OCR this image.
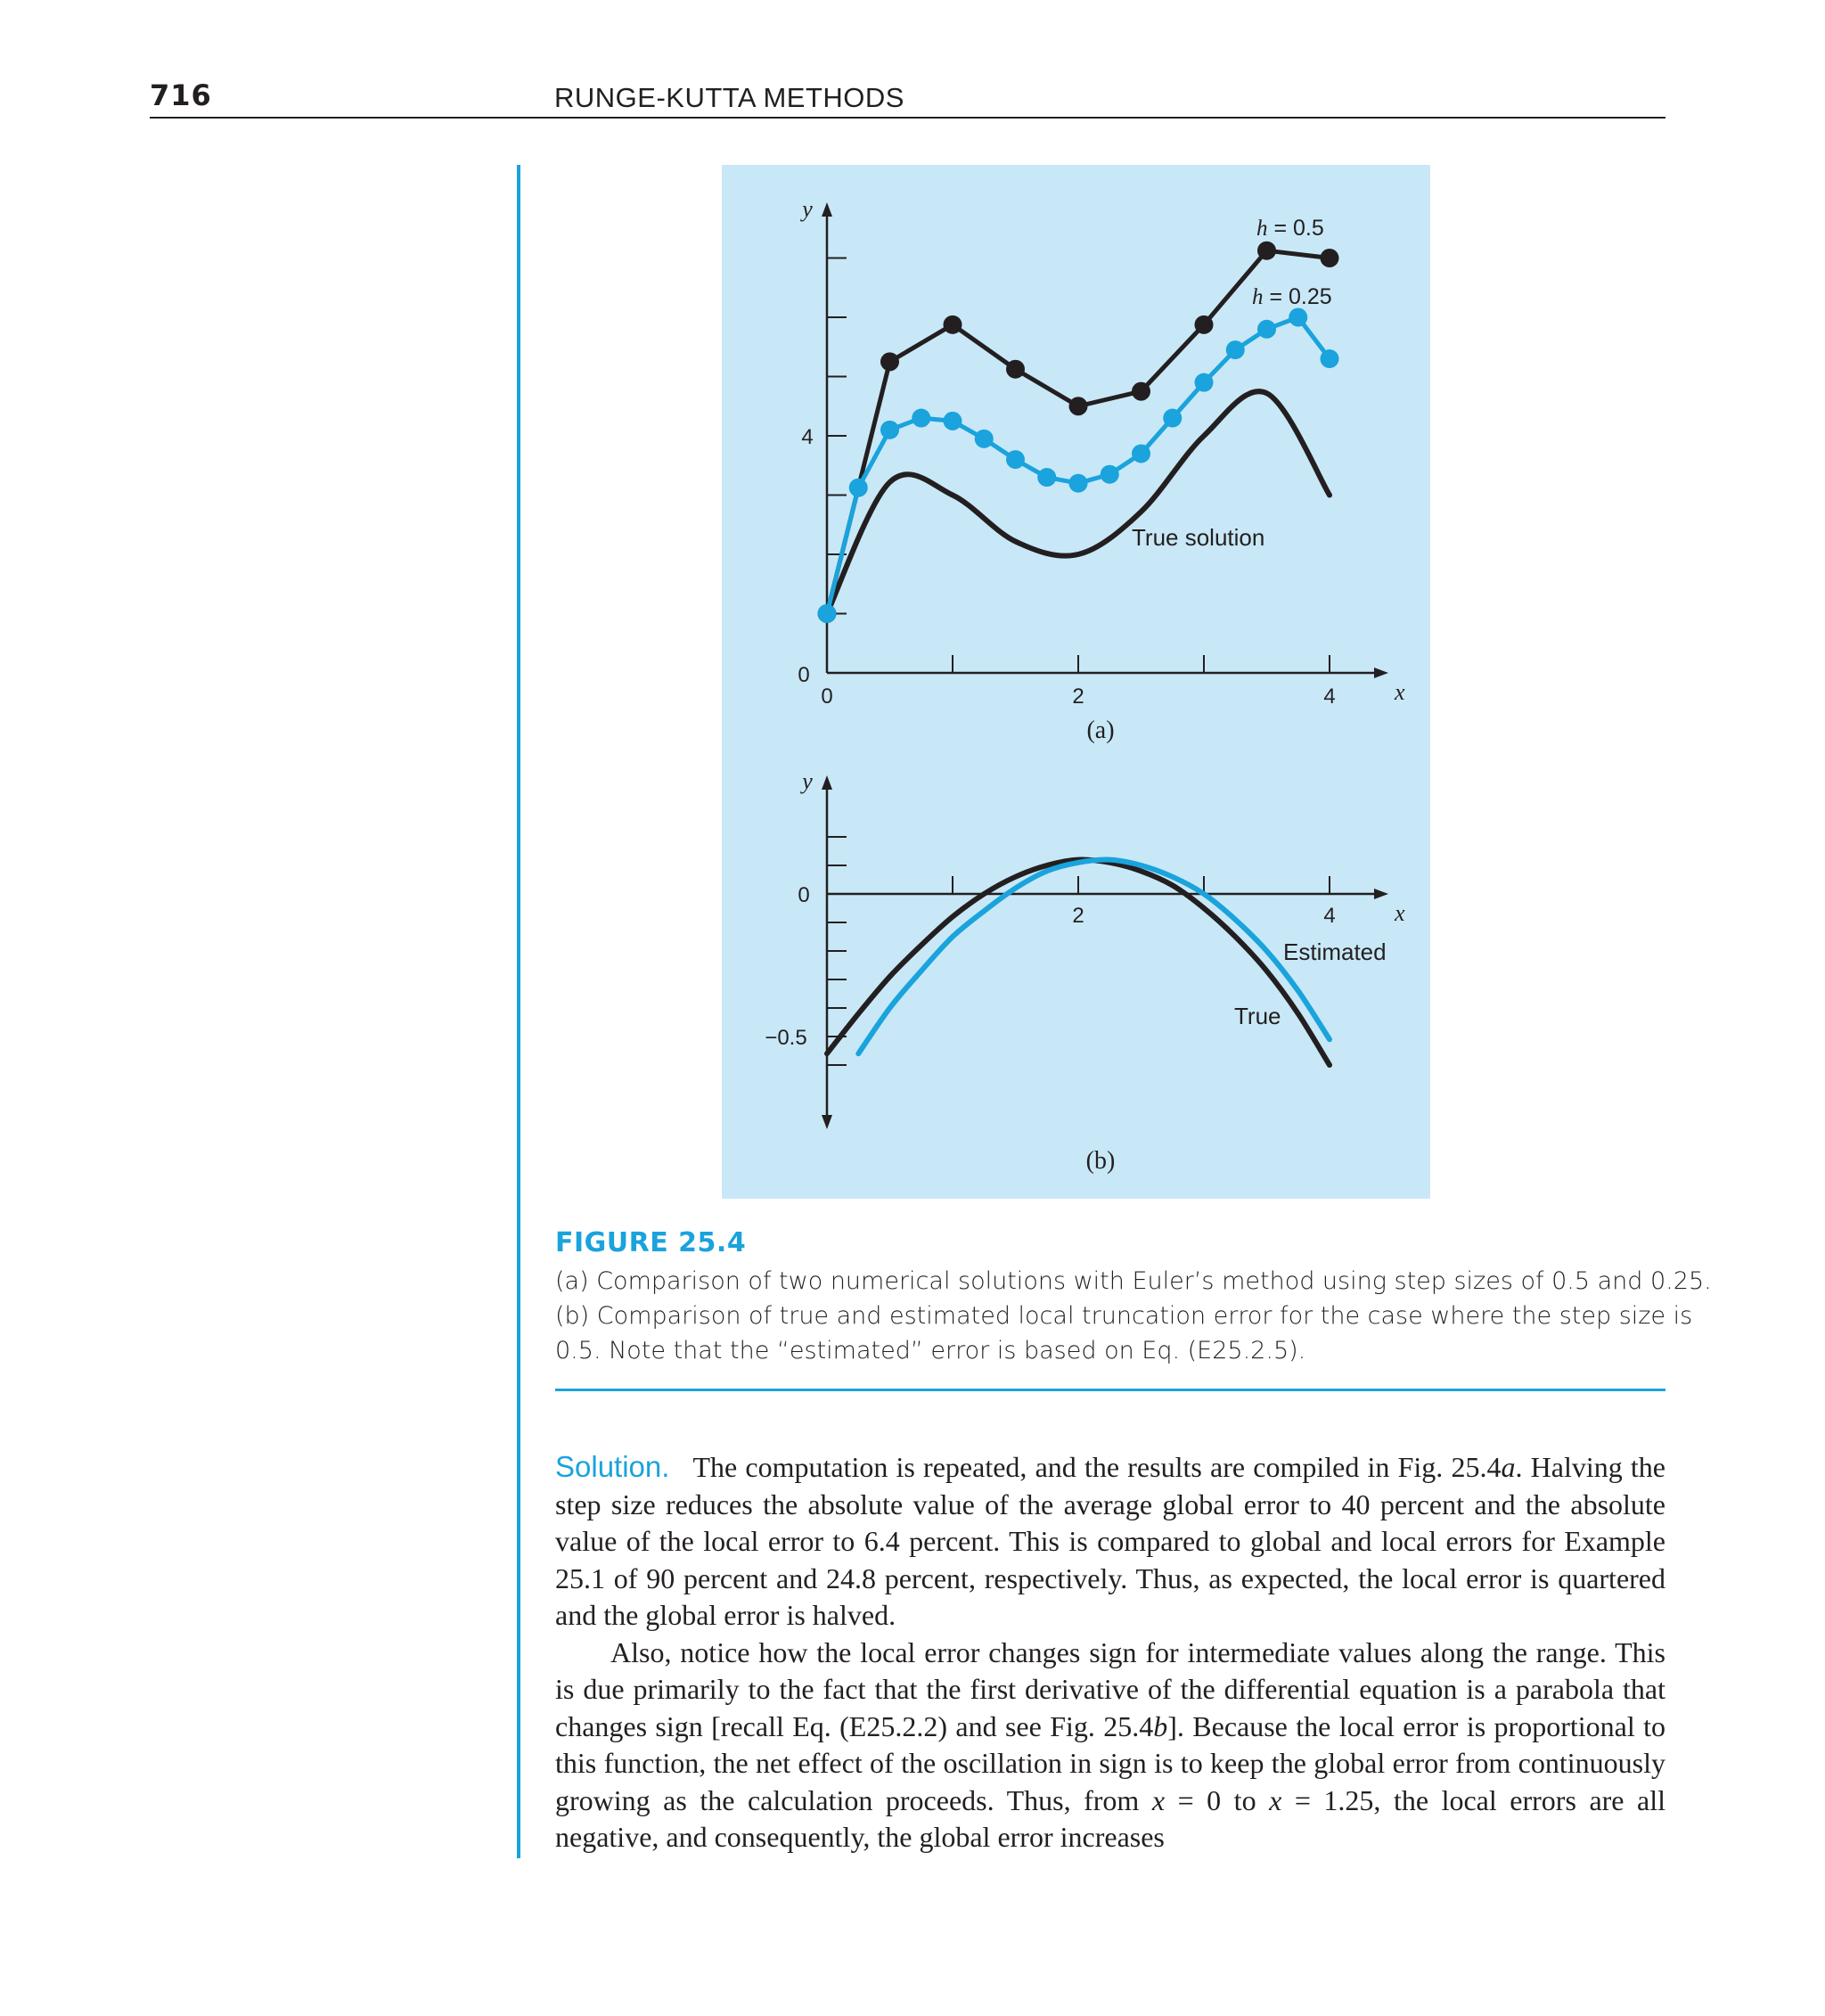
716	RUNGE-KUTTA METHODS
0	2	4
0
4
y
x
h = 0.5
h = 0.25
True solution
(a)
2	4
0
−0.5
y
x
Estimated
True
(b)
FIGURE 25.4
(a) Comparison of two numerical solutions with Euler’s method using step sizes of 0.5 and 0.25.
(b) Comparison of true and estimated local truncation error for the case where the step size is
0.5. Note that the “estimated” error is based on Eq. (E25.2.5).

Solution. The computation is repeated, and the results are compiled in Fig. 25.4a. Halving the step size reduces the absolute value of the average global error to 40 percent and the absolute value of the local error to 6.4 percent. This is compared to global and local errors for Example 25.1 of 90 percent and 24.8 percent, respectively. Thus, as expected, the local error is quartered and the global error is halved.

Also, notice how the local error changes sign for intermediate values along the range. This is due primarily to the fact that the first derivative of the differential equation is a parabola that changes sign [recall Eq. (E25.2.2) and see Fig. 25.4b]. Because the local error is proportional to this function, the net effect of the oscillation in sign is to keep the global error from continuously growing as the calculation proceeds. Thus, from x = 0 to x = 1.25, the local errors are all negative, and consequently, the global error increases
